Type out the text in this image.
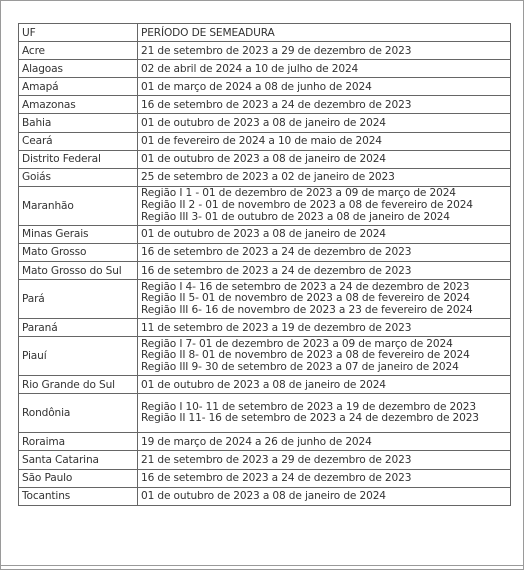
UF	PERÍODO DE SEMEADURA
Acre	21 de setembro de 2023 a 29 de dezembro de 2023
Alagoas	02 de abril de 2024 a 10 de julho de 2024
Amapá	01 de março de 2024 a 08 de junho de 2024
Amazonas	16 de setembro de 2023 a 24 de dezembro de 2023
Bahia	01 de outubro de 2023 a 08 de janeiro de 2024
Ceará	01 de fevereiro de 2024 a 10 de maio de 2024
Distrito Federal	01 de outubro de 2023 a 08 de janeiro de 2024
Goiás	25 de setembro de 2023 a 02 de janeiro de 2023
Maranhão	Região I 1 - 01 de dezembro de 2023 a 09 de março de 2024
Região II 2 - 01 de novembro de 2023 a 08 de fevereiro de 2024
Região III 3- 01 de outubro de 2023 a 08 de janeiro de 2024

Minas Gerais	01 de outubro de 2023 a 08 de janeiro de 2024
Mato Grosso	16 de setembro de 2023 a 24 de dezembro de 2023
Mato Grosso do Sul	16 de setembro de 2023 a 24 de dezembro de 2023
Pará	Região I 4- 16 de setembro de 2023 a 24 de dezembro de 2023
Região II 5- 01 de novembro de 2023 a 08 de fevereiro de 2024
Região III 6- 16 de novembro de 2023 a 23 de fevereiro de 2024

Paraná	11 de setembro de 2023 a 19 de dezembro de 2023
Piauí	Região I 7- 01 de dezembro de 2023 a 09 de março de 2024
Região II 8- 01 de novembro de 2023 a 08 de fevereiro de 2024
Região III 9- 30 de setembro de 2023 a 07 de janeiro de 2024

Rio Grande do Sul	01 de outubro de 2023 a 08 de janeiro de 2024
Rondônia	Região I 10- 11 de setembro de 2023 a 19 de dezembro de 2023
Região II 11- 16 de setembro de 2023 a 24 de dezembro de 2023

Roraima	19 de março de 2024 a 26 de junho de 2024
Santa Catarina	21 de setembro de 2023 a 29 de dezembro de 2023
São Paulo	16 de setembro de 2023 a 24 de dezembro de 2023
Tocantins	01 de outubro de 2023 a 08 de janeiro de 2024
